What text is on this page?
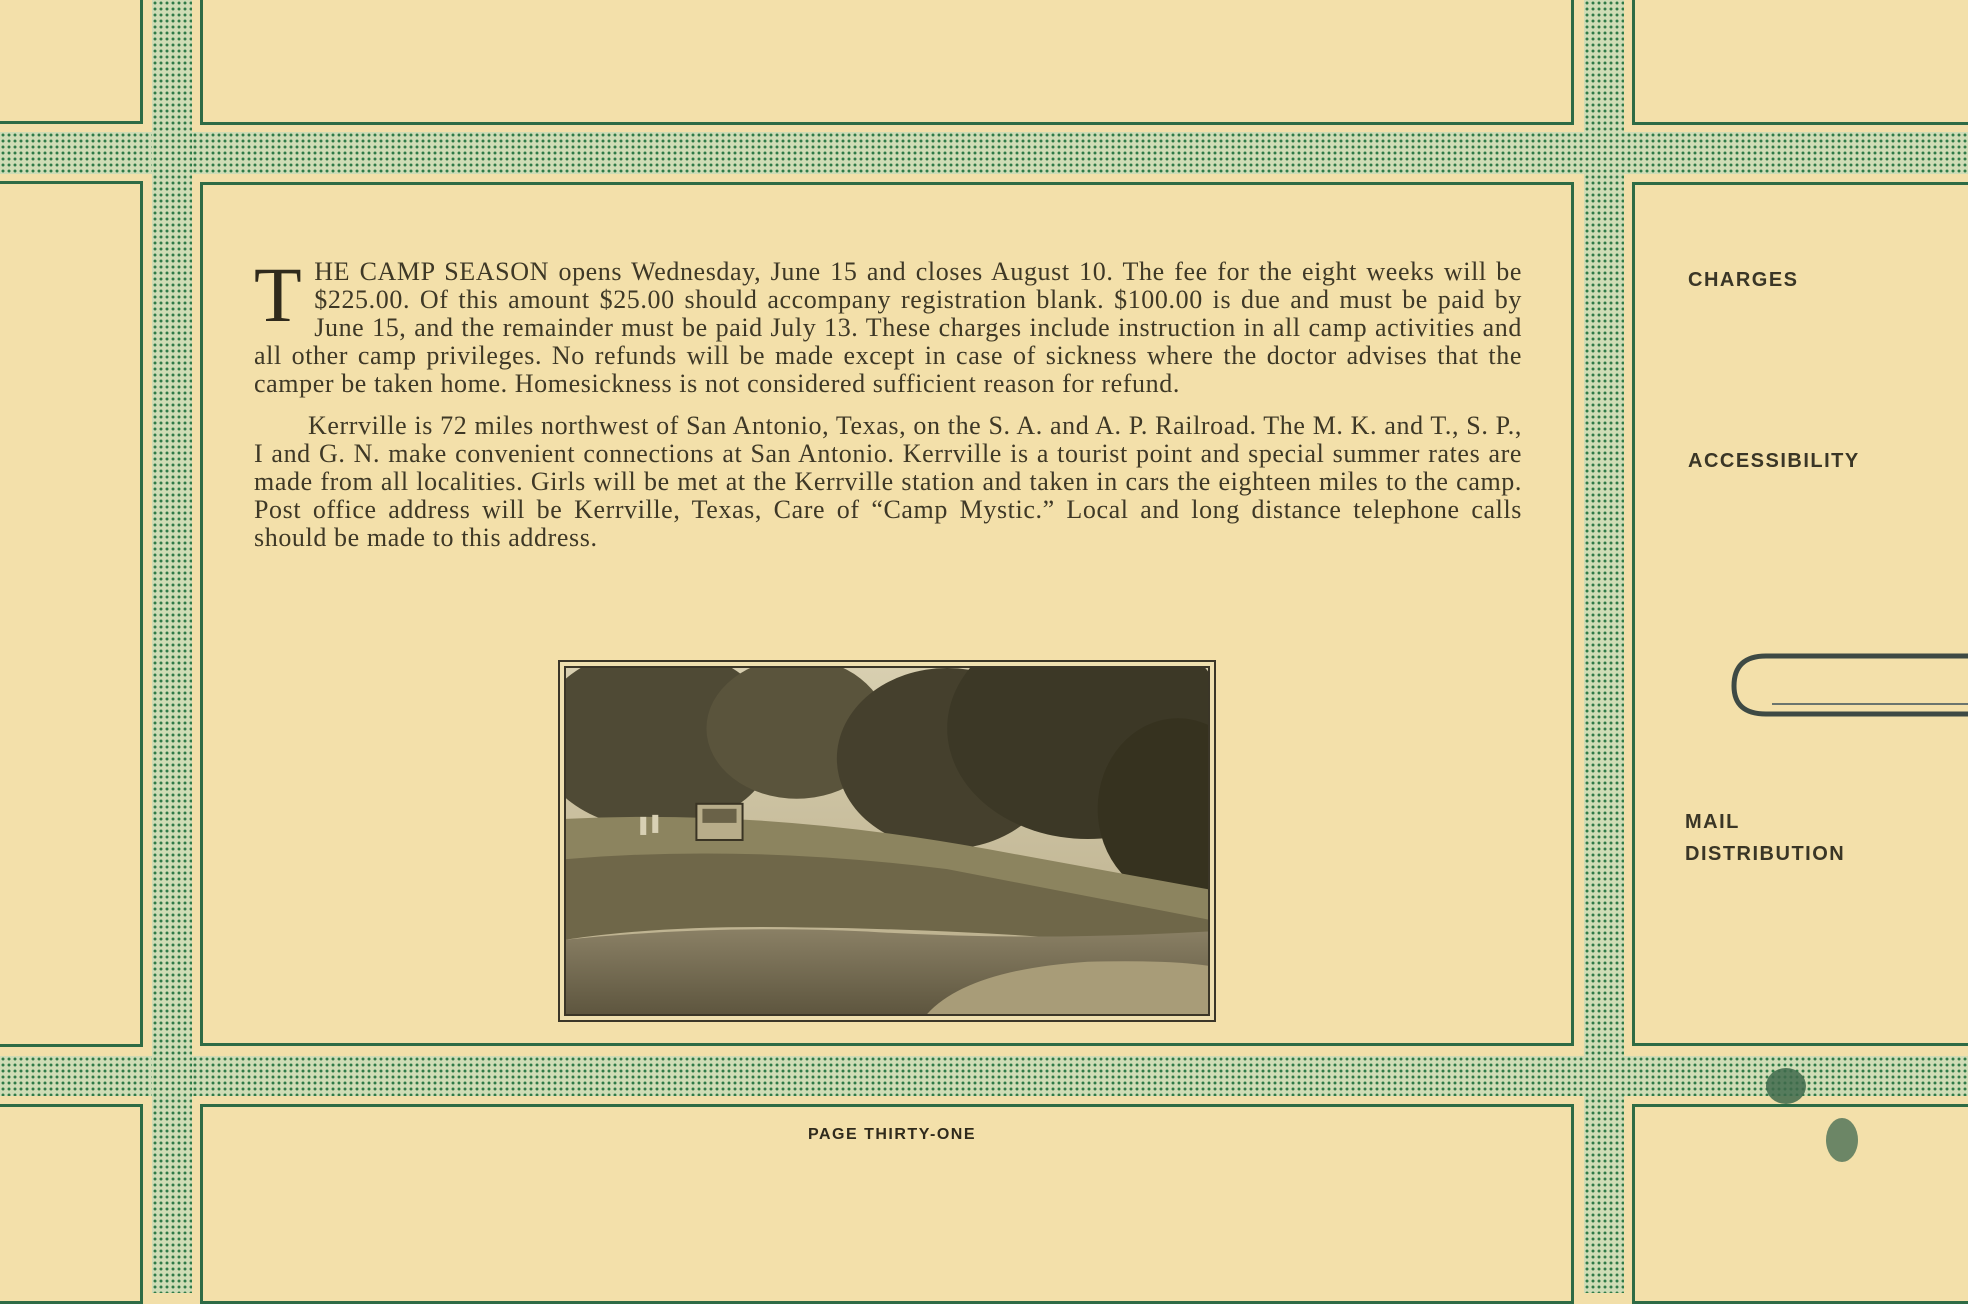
THE CAMP SEASON opens Wednesday, June 15 and closes August 10. The fee for the eight weeks will be $225.00. Of this amount $25.00 should accompany registration blank. $100.00 is due and must be paid by June 15, and the remainder must be paid July 13. These charges include instruction in all camp activities and all other camp privileges. No refunds will be made except in case of sickness where the doctor advises that the camper be taken home. Homesickness is not considered sufficient reason for refund.

Kerrville is 72 miles northwest of San Antonio, Texas, on the S. A. and A. P. Railroad. The M. K. and T., S. P., I and G. N. make convenient connections at San Antonio. Kerrville is a tourist point and special summer rates are made from all localities. Girls will be met at the Kerrville station and taken in cars the eighteen miles to the camp. Post office address will be Kerrville, Texas, Care of “Camp Mystic.” Local and long distance telephone calls should be made to this address.

CHARGES
ACCESSIBILITY
MAIL
DISTRIBUTION
PAGE THIRTY-ONE
